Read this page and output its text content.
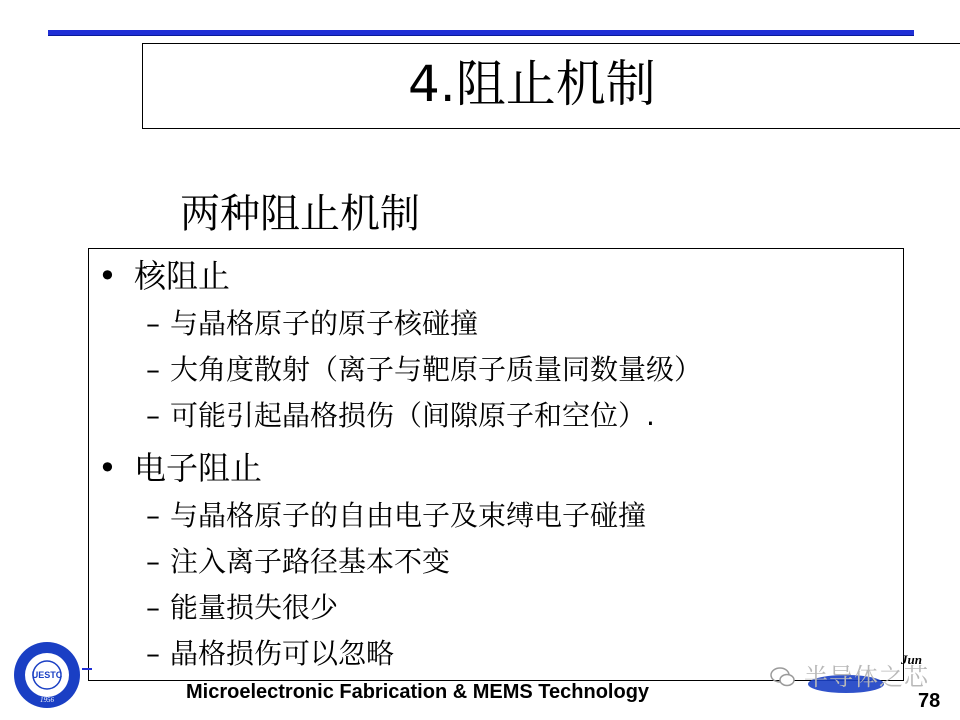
4.阻止机制
两种阻止机制
• 核阻止
– 与晶格原子的原子核碰撞
– 大角度散射（离子与靶原子质量同数量级）
– 可能引起晶格损伤（间隙原子和空位）.
• 电子阻止
– 与晶格原子的自由电子及束缚电子碰撞
– 注入离子路径基本不变
– 能量损失很少
– 晶格损伤可以忽略
UESTC
1956	Microelectronic Fabrication & MEMS Technology
Jun
半导体之芯
78
